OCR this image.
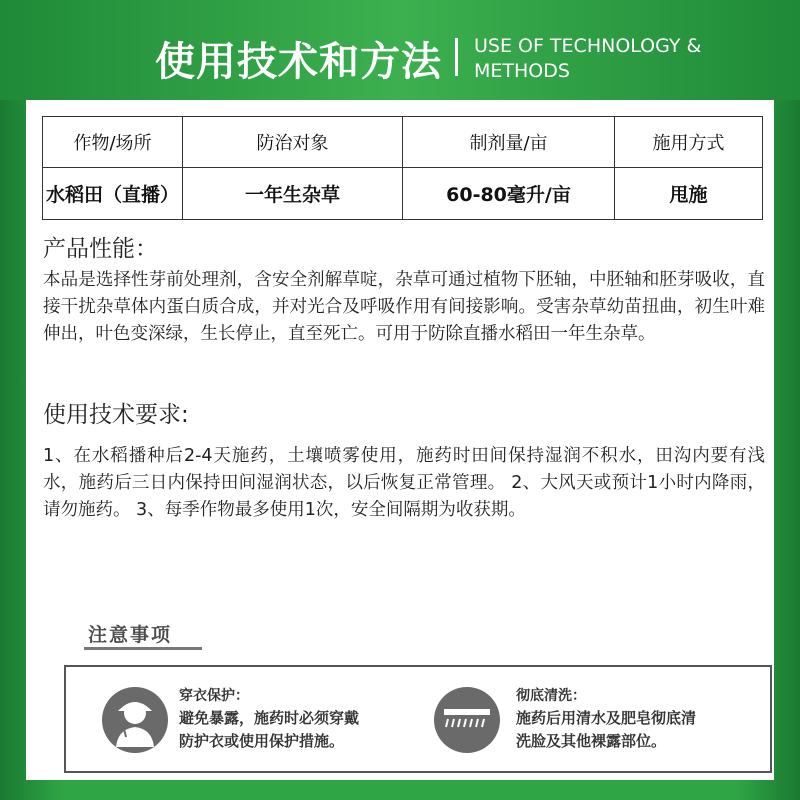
使用技术和方法 USE OF TECHNOLOGY &
METHODS
作物/场所	防治对象	制剂量/亩	施用方式
水稻田（直播）	一年生杂草	60-80毫升/亩	甩施
产品性能：

本品是选择性芽前处理剂，含安全剂解草啶，杂草可通过植物下胚轴，中胚轴和胚芽吸收，直接干扰杂草体内蛋白质合成，并对光合及呼吸作用有间接影响。受害杂草幼苗扭曲，初生叶难伸出，叶色变深绿，生长停止，直至死亡。可用于防除直播水稻田一年生杂草。

使用技术要求:

1、在水稻播种后2-4天施药，土壤喷雾使用，施药时田间保持湿润不积水，田沟内要有浅水，施药后三日内保持田间湿润状态，以后恢复正常管理。 2、大风天或预计1小时内降雨，请勿施药。 3、每季作物最多使用1次，安全间隔期为收获期。

注意事项
穿衣保护：
避免暴露，施药时必须穿戴
防护衣或使用保护措施。
彻底清洗：
施药后用清水及肥皂彻底清
洗脸及其他裸露部位。
